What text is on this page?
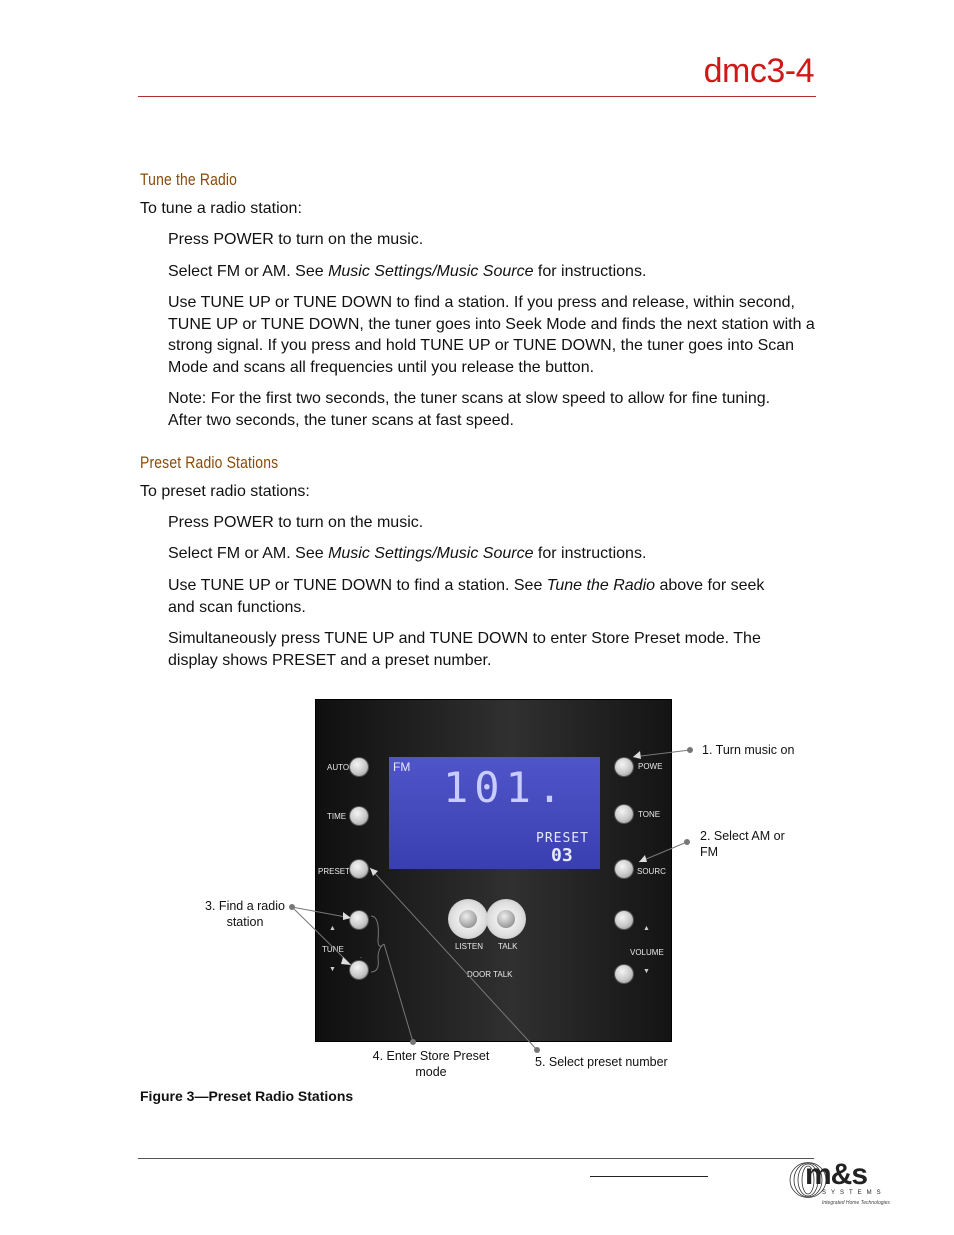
dmc3-4
Tune the Radio
To tune a radio station:
Press POWER to turn on the music.
Select FM or AM. See Music Settings/Music Source for instructions.
Use TUNE UP or TUNE DOWN to find a station. If you press and release, within second, TUNE UP or TUNE DOWN, the tuner goes into Seek Mode and finds the next station with a strong signal. If you press and hold TUNE UP or TUNE DOWN, the tuner goes into Scan Mode and scans all frequencies until you release the button.
Note: For the first two seconds, the tuner scans at slow speed to allow for fine tuning. After two seconds, the tuner scans at fast speed.
Preset Radio Stations
To preset radio stations:
Press POWER to turn on the music.
Select FM or AM. See Music Settings/Music Source for instructions.
Use TUNE UP or TUNE DOWN to find a station. See Tune the Radio above for seek and scan functions.
Simultaneously press TUNE UP and TUNE DOWN to enter Store Preset mode. The display shows PRESET and a preset number.
FM 101.
PRESET
03
AUTO
TIME
PRESET
TUNE
▲
▼
POWE
TONE
SOURC
VOLUME
▲
▼
LISTEN TALK
DOOR TALK
1. Turn music on
2. Select AM or FM
3. Find a radio station
4. Enter Store Preset mode
5. Select preset number
Figure 3—Preset Radio Stations
m&s
SYSTEMS
Integrated Home Technologies
